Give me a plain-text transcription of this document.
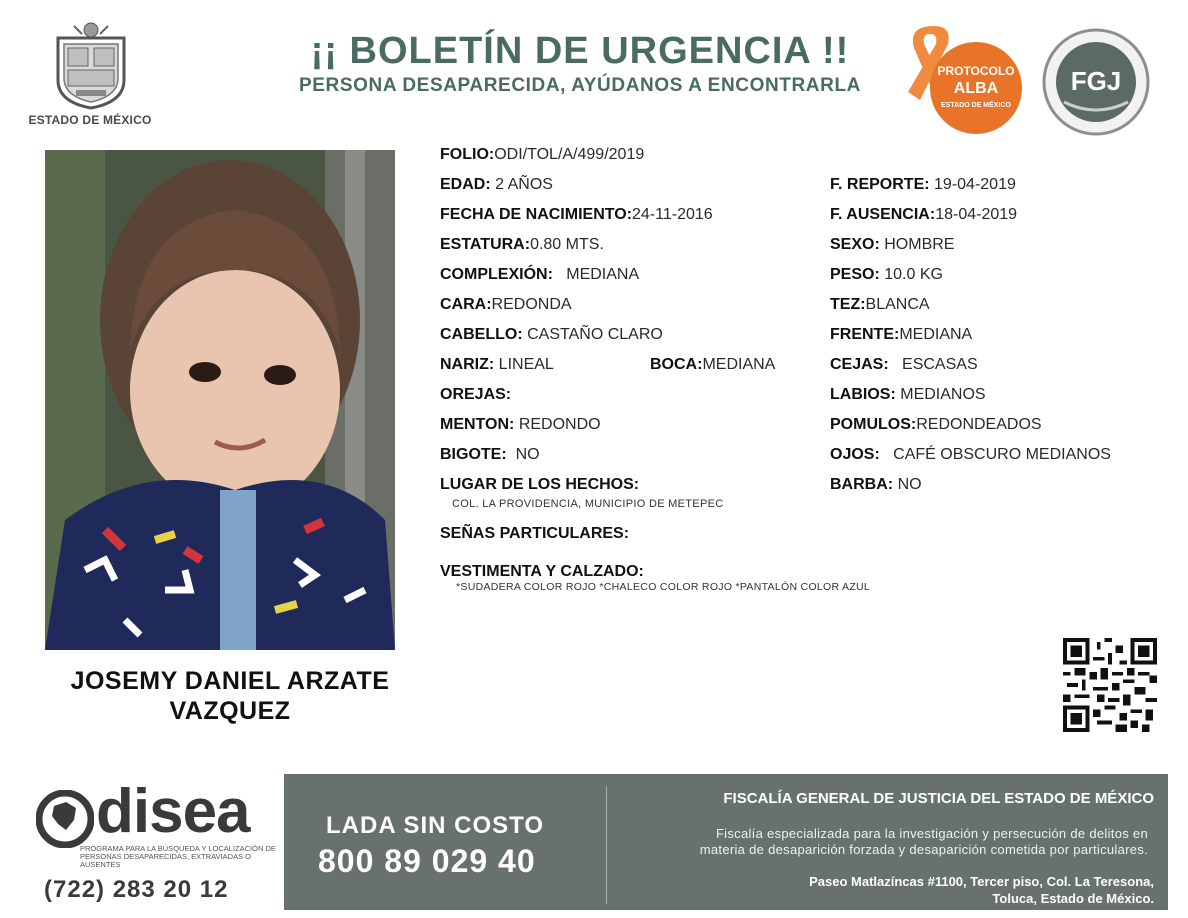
ESTADO DE MÉXICO
¡¡ BOLETÍN DE URGENCIA !!
PERSONA DESAPARECIDA, AYÚDANOS A ENCONTRARLA
PROTOCOLO
ALBA
ESTADO DE MÉXICO
FGJ
JOSEMY DANIEL ARZATE VAZQUEZ
FOLIO:ODI/TOL/A/499/2019
EDAD: 2 AÑOS
FECHA DE NACIMIENTO:24-11-2016
ESTATURA:0.80 MTS.
COMPLEXIÓN: MEDIANA
CARA:REDONDA
CABELLO: CASTAÑO CLARO
NARIZ: LINEAL	BOCA:MEDIANA
OREJAS:
MENTON: REDONDO
BIGOTE: NO
LUGAR DE LOS HECHOS:
COL. LA PROVIDENCIA, MUNICIPIO DE METEPEC
SEÑAS PARTICULARES:
VESTIMENTA Y CALZADO:
*SUDADERA COLOR ROJO *CHALECO COLOR ROJO *PANTALÓN COLOR AZUL
F. REPORTE: 19-04-2019
F. AUSENCIA:18-04-2019
SEXO: HOMBRE
PESO: 10.0 KG
TEZ:BLANCA
FRENTE:MEDIANA
CEJAS: ESCASAS
LABIOS: MEDIANOS
POMULOS:REDONDEADOS
OJOS: CAFÉ OBSCURO MEDIANOS
BARBA: NO
disea
PROGRAMA PARA LA BÚSQUEDA Y LOCALIZACIÓN DE PERSONAS DESAPARECIDAS, EXTRAVIADAS O AUSENTES
(722) 283 20 12
LADA SIN COSTO
800 89 029 40
FISCALÍA GENERAL DE JUSTICIA DEL ESTADO DE MÉXICO
Fiscalía especializada para la investigación y persecución de delitos en
materia de desaparición forzada y desaparición cometida por particulares.
Paseo Matlazíncas #1100, Tercer piso, Col. La Teresona,
Toluca, Estado de México.
